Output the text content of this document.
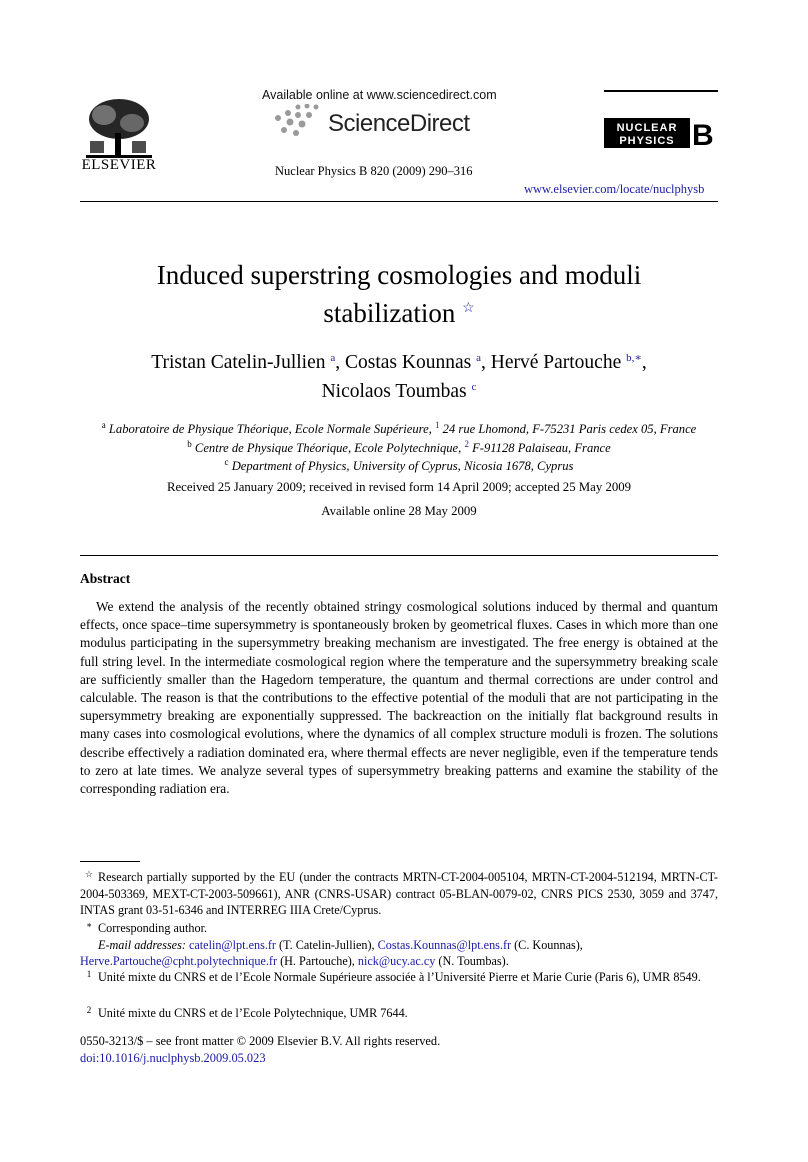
ELSEVIER
Available online at www.sciencedirect.com
ScienceDirect
Nuclear Physics B 820 (2009) 290–316
NUCLEAR
PHYSICS B
www.elsevier.com/locate/nuclphysb
Induced superstring cosmologies and moduli
stabilization ☆
Tristan Catelin-Jullien $^a$, Costas Kounnas $^a$, Hervé Partouche $^{b,∗}$,
Nicolaos Toumbas $^c$
$^a$ Laboratoire de Physique Théorique, Ecole Normale Supérieure, $^1$ 24 rue Lhomond, F-75231 Paris cedex 05, France
$^b$ Centre de Physique Théorique, Ecole Polytechnique, $^2$ F-91128 Palaiseau, France
$^c$ Department of Physics, University of Cyprus, Nicosia 1678, Cyprus
Received 25 January 2009; received in revised form 14 April 2009; accepted 25 May 2009
Available online 28 May 2009
Abstract
We extend the analysis of the recently obtained stringy cosmological solutions induced by thermal and quantum effects, once space–time supersymmetry is spontaneously broken by geometrical fluxes. Cases in which more than one modulus participating in the supersymmetry breaking mechanism are investigated. The free energy is obtained at the full string level. In the intermediate cosmological region where the temperature and the supersymmetry breaking scale are sufficiently smaller than the Hagedorn temperature, the quantum and thermal corrections are under control and calculable. The reason is that the contributions to the effective potential of the moduli that are not participating in the supersymmetry breaking are exponentially suppressed. The backreaction on the initially flat background results in many cases into cosmological evolutions, where the dynamics of all complex structure moduli is frozen. The solutions describe effectively a radiation dominated era, where thermal effects are never negligible, even if the temperature tends to zero at late times. We analyze several types of supersymmetry breaking patterns and examine the stability of the corresponding radiation era.
☆ Research partially supported by the EU (under the contracts MRTN-CT-2004-005104, MRTN-CT-2004-512194, MRTN-CT-2004-503369, MEXT-CT-2003-509661), ANR (CNRS-USAR) contract 05-BLAN-0079-02, CNRS PICS 2530, 3059 and 3747, INTAS grant 03-51-6346 and INTERREG IIIA Crete/Cyprus.
∗ Corresponding author.
E-mail addresses: catelin@lpt.ens.fr (T. Catelin-Jullien), Costas.Kounnas@lpt.ens.fr (C. Kounnas),
Herve.Partouche@cpht.polytechnique.fr (H. Partouche), nick@ucy.ac.cy (N. Toumbas).
1 Unité mixte du CNRS et de l’Ecole Normale Supérieure associée à l’Université Pierre et Marie Curie (Paris 6), UMR 8549.
2 Unité mixte du CNRS et de l’Ecole Polytechnique, UMR 7644.
0550-3213/$ – see front matter © 2009 Elsevier B.V. All rights reserved.
doi:10.1016/j.nuclphysb.2009.05.023
